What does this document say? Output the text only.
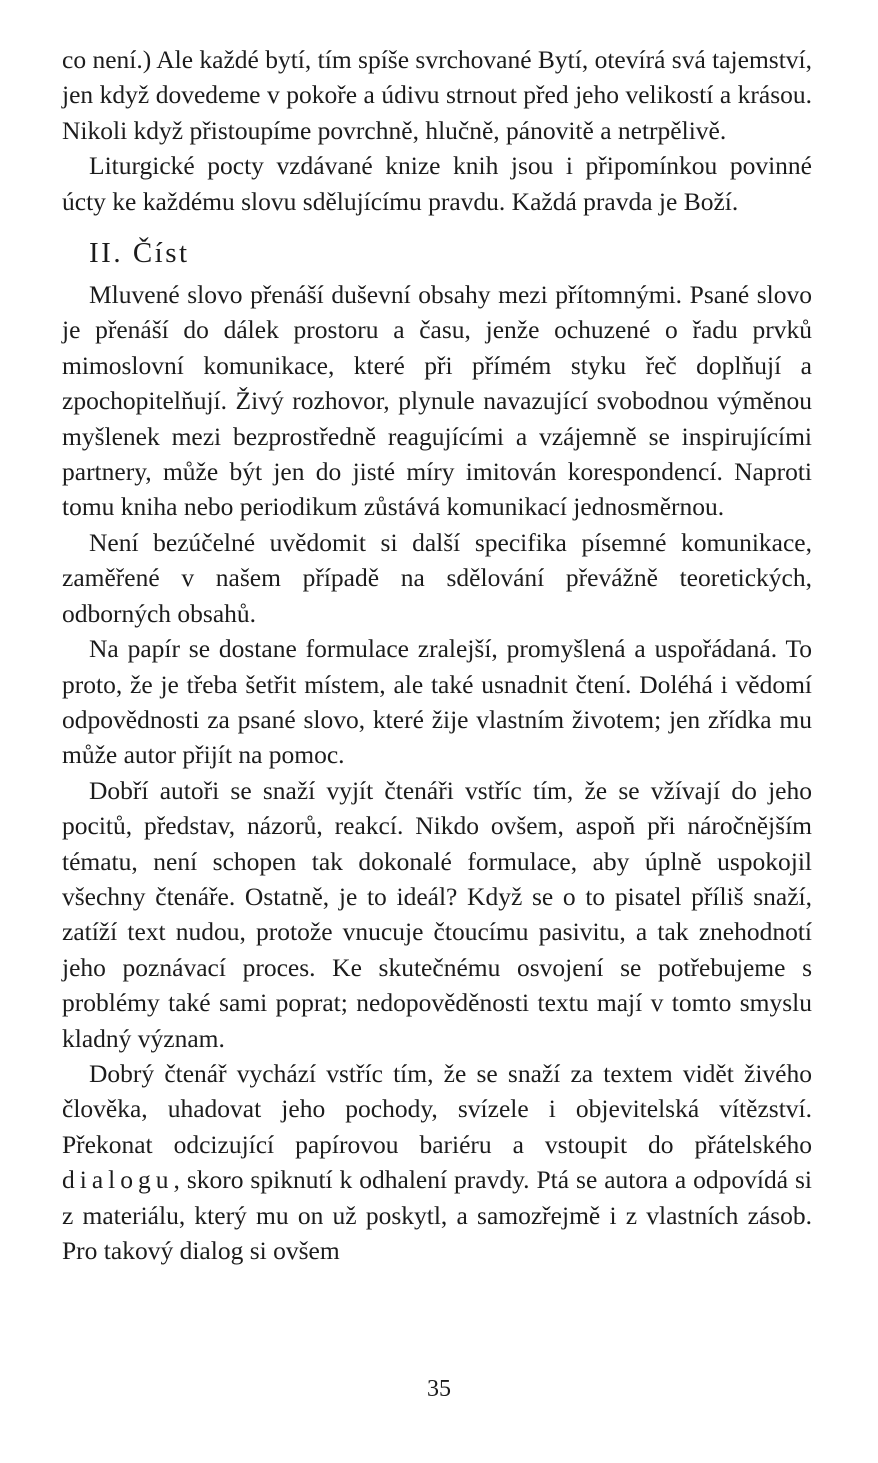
co není.) Ale každé bytí, tím spíše svrchované Bytí, otevírá svá tajemství, jen když dovedeme v pokoře a údivu strnout před jeho velikostí a krásou. Nikoli když přistoupíme povrchně, hlučně, pánovitě a netrpělivě.

Liturgické pocty vzdávané knize knih jsou i připomínkou povinné úcty ke každému slovu sdělujícímu pravdu. Každá pravda je Boží.

II. Číst

Mluvené slovo přenáší duševní obsahy mezi přítomnými. Psané slovo je přenáší do dálek prostoru a času, jenže ochuzené o řadu prvků mimoslovní komunikace, které při přímém styku řeč doplňují a zpochopitelňují. Živý rozhovor, plynule navazující svobodnou výměnou myšlenek mezi bezprostředně reagujícími a vzájemně se inspirujícími partnery, může být jen do jisté míry imitován korespondencí. Naproti tomu kniha nebo periodikum zůstává komunikací jednosměrnou.

Není bezúčelné uvědomit si další specifika písemné komunikace, zaměřené v našem případě na sdělování převážně teoretických, odborných obsahů.

Na papír se dostane formulace zralejší, promyšlená a uspořádaná. To proto, že je třeba šetřit místem, ale také usnadnit čtení. Doléhá i vědomí odpovědnosti za psané slovo, které žije vlastním životem; jen zřídka mu může autor přijít na pomoc.

Dobří autoři se snaží vyjít čtenáři vstříc tím, že se vžívají do jeho pocitů, představ, názorů, reakcí. Nikdo ovšem, aspoň při náročnějším tématu, není schopen tak dokonalé formulace, aby úplně uspokojil všechny čtenáře. Ostatně, je to ideál? Když se o to pisatel příliš snaží, zatíží text nudou, protože vnucuje čtoucímu pasivitu, a tak znehodnotí jeho poznávací proces. Ke skutečnému osvojení se potřebujeme s problémy také sami poprat; nedopověděnosti textu mají v tomto smyslu kladný význam.

Dobrý čtenář vychází vstříc tím, že se snaží za textem vidět živého člověka, uhadovat jeho pochody, svízele i objevitelská vítězství. Překonat odcizující papírovou bariéru a vstoupit do přátelského dialogu, skoro spiknutí k odhalení pravdy. Ptá se autora a odpovídá si z materiálu, který mu on už poskytl, a samozřejmě i z vlastních zásob. Pro takový dialog si ovšem

35
